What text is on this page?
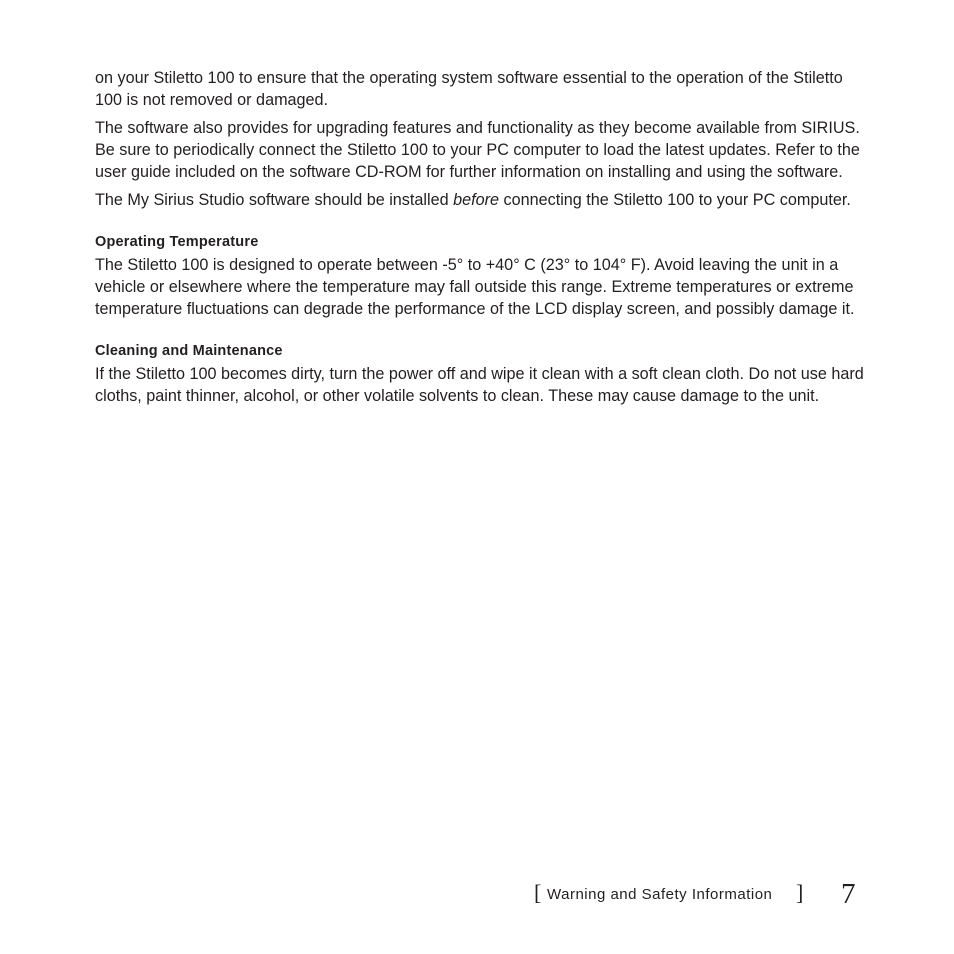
on your Stiletto 100 to ensure that the operating system software essential to the operation of the Stiletto 100 is not removed or damaged.

The software also provides for upgrading features and functionality as they become available from SIRIUS. Be sure to periodically connect the Stiletto 100 to your PC computer to load the latest updates. Refer to the user guide included on the software CD-ROM for further information on installing and using the software.

The My Sirius Studio software should be installed before connecting the Stiletto 100 to your PC computer.

Operating Temperature

The Stiletto 100 is designed to operate between -5° to +40° C (23° to 104° F). Avoid leaving the unit in a vehicle or elsewhere where the temperature may fall outside this range. Extreme temperatures or extreme temperature fluctuations can degrade the performance of the LCD display screen, and possibly damage it.

Cleaning and Maintenance

If the Stiletto 100 becomes dirty, turn the power off and wipe it clean with a soft clean cloth. Do not use hard cloths, paint thinner, alcohol, or other volatile solvents to clean. These may cause damage to the unit.

[ Warning and Safety Information ] 7
